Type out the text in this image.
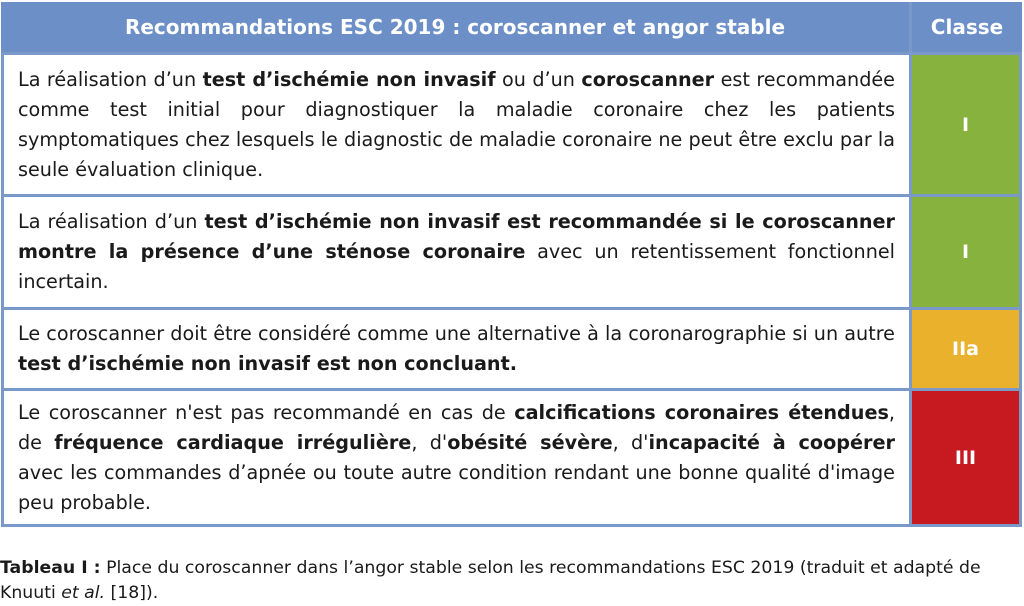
Recommandations ESC 2019 : coroscanner et angor stable	Classe
La réalisation d’un test d’ischémie non invasif ou d’un coroscanner est recommandée comme test initial pour diagnostiquer la maladie coronaire chez les patients symptomatiques chez lesquels le diagnostic de maladie coronaire ne peut être exclu par la seule évaluation clinique.
I
La réalisation d’un test d’ischémie non invasif est recommandée si le coroscanner montre la présence d’une sténose coronaire avec un retentissement fonctionnel incertain.
I
Le coroscanner doit être considéré comme une alternative à la coronarographie si un autre test d’ischémie non invasif est non concluant.
IIa
Le coroscanner n'est pas recommandé en cas de calcifications coronaires étendues, de fréquence cardiaque irrégulière, d'obésité sévère, d'incapacité à coopérer avec les commandes d’apnée ou toute autre condition rendant une bonne qualité d'image peu probable.
III
Tableau I : Place du coroscanner dans l’angor stable selon les recommandations ESC 2019 (traduit et adapté de Knuuti et al. [18]).
